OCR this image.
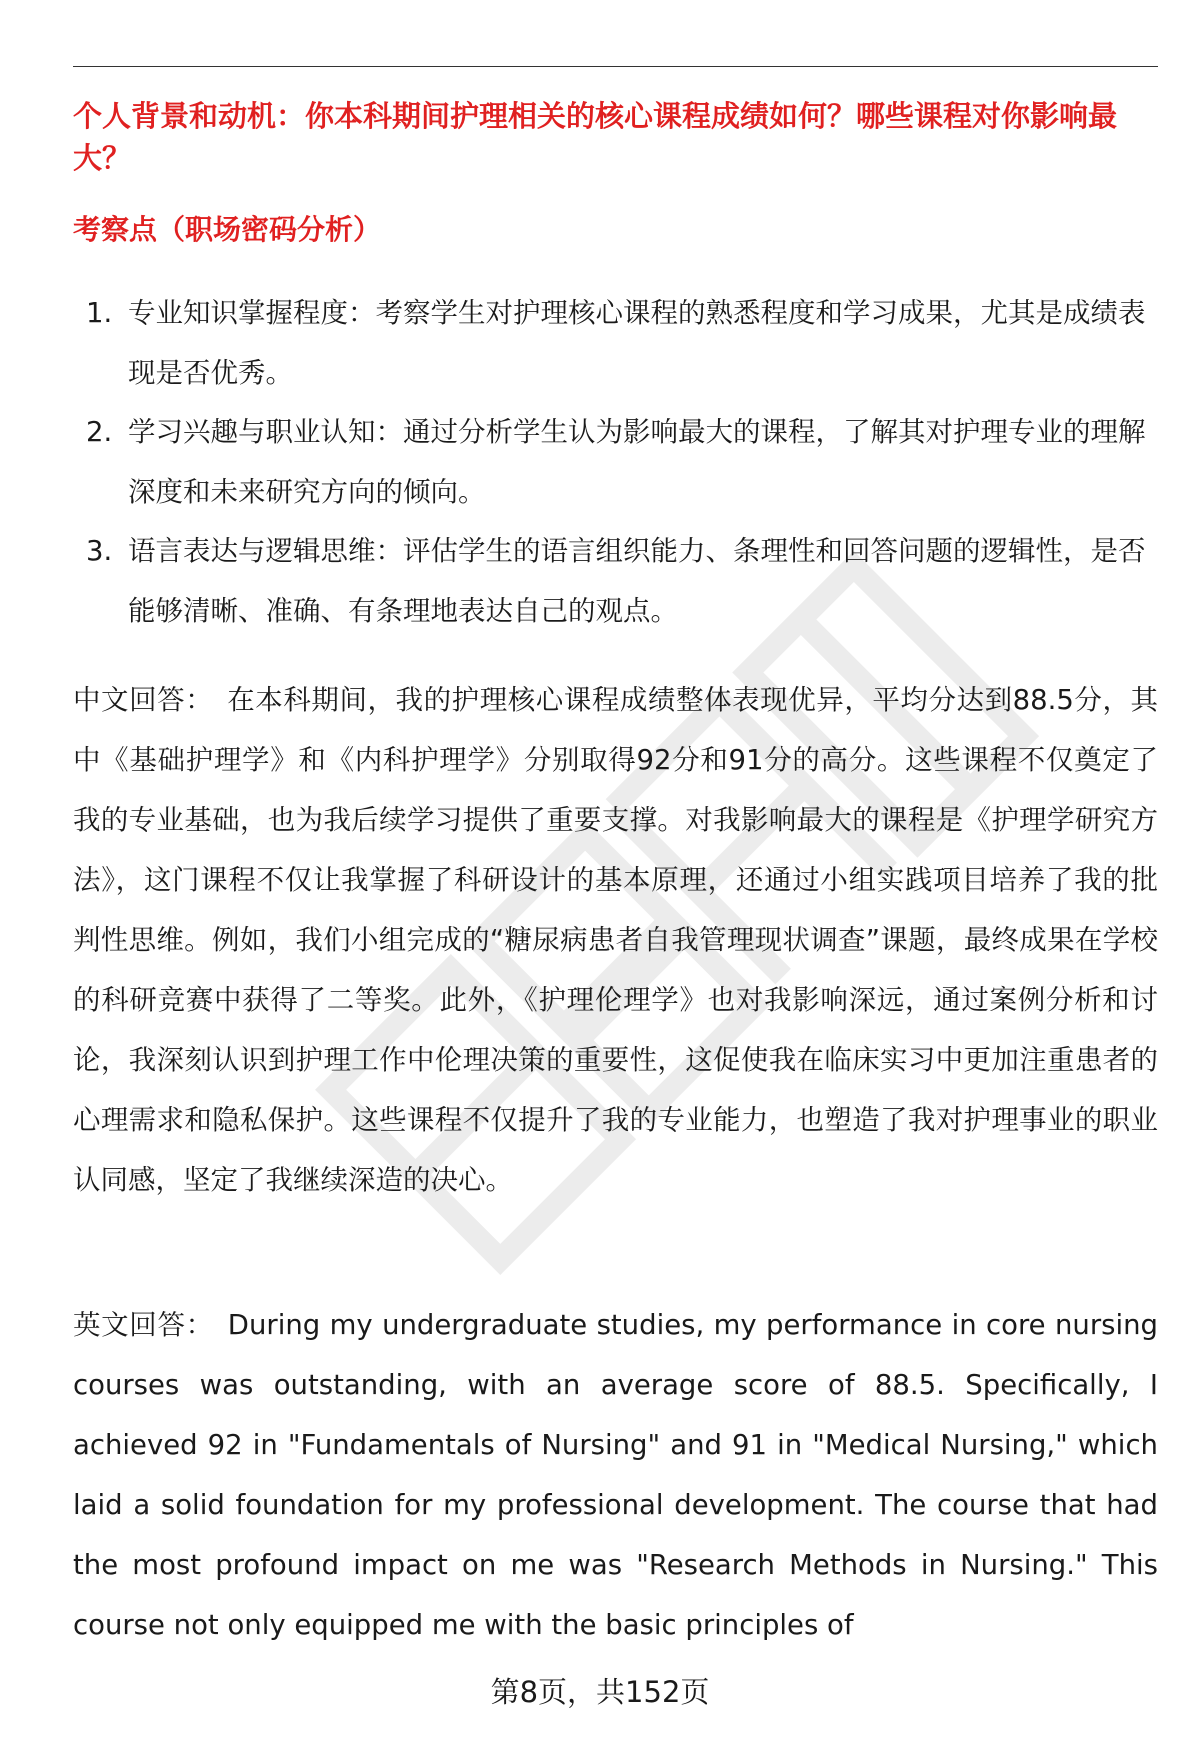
个人背景和动机：你本科期间护理相关的核心课程成绩如何？哪些课程对你影响最大？
考察点（职场密码分析）
1. 专业知识掌握程度：考察学生对护理核心课程的熟悉程度和学习成果，尤其是成绩表现是否优秀。
2. 学习兴趣与职业认知：通过分析学生认为影响最大的课程，了解其对护理专业的理解深度和未来研究方向的倾向。
3. 语言表达与逻辑思维：评估学生的语言组织能力、条理性和回答问题的逻辑性，是否能够清晰、准确、有条理地表达自己的观点。

中文回答： 在本科期间，我的护理核心课程成绩整体表现优异，平均分达到88.5分，其中《基础护理学》和《内科护理学》分别取得92分和91分的高分。这些课程不仅奠定了我的专业基础，也为我后续学习提供了重要支撑。对我影响最大的课程是《护理学研究方法》，这门课程不仅让我掌握了科研设计的基本原理，还通过小组实践项目培养了我的批判性思维。例如，我们小组完成的“糖尿病患者自我管理现状调查”课题，最终成果在学校的科研竞赛中获得了二等奖。此外，《护理伦理学》也对我影响深远，通过案例分析和讨论，我深刻认识到护理工作中伦理决策的重要性，这促使我在临床实习中更加注重患者的心理需求和隐私保护。这些课程不仅提升了我的专业能力，也塑造了我对护理事业的职业认同感，坚定了我继续深造的决心。

英文回答： During my undergraduate studies, my performance in core nursing courses was outstanding, with an average score of 88.5. Specifically, I achieved 92 in "Fundamentals of Nursing" and 91 in "Medical Nursing," which laid a solid foundation for my professional development. The course that had the most profound impact on me was "Research Methods in Nursing." This course not only equipped me with the basic principles of

第8页，共152页
